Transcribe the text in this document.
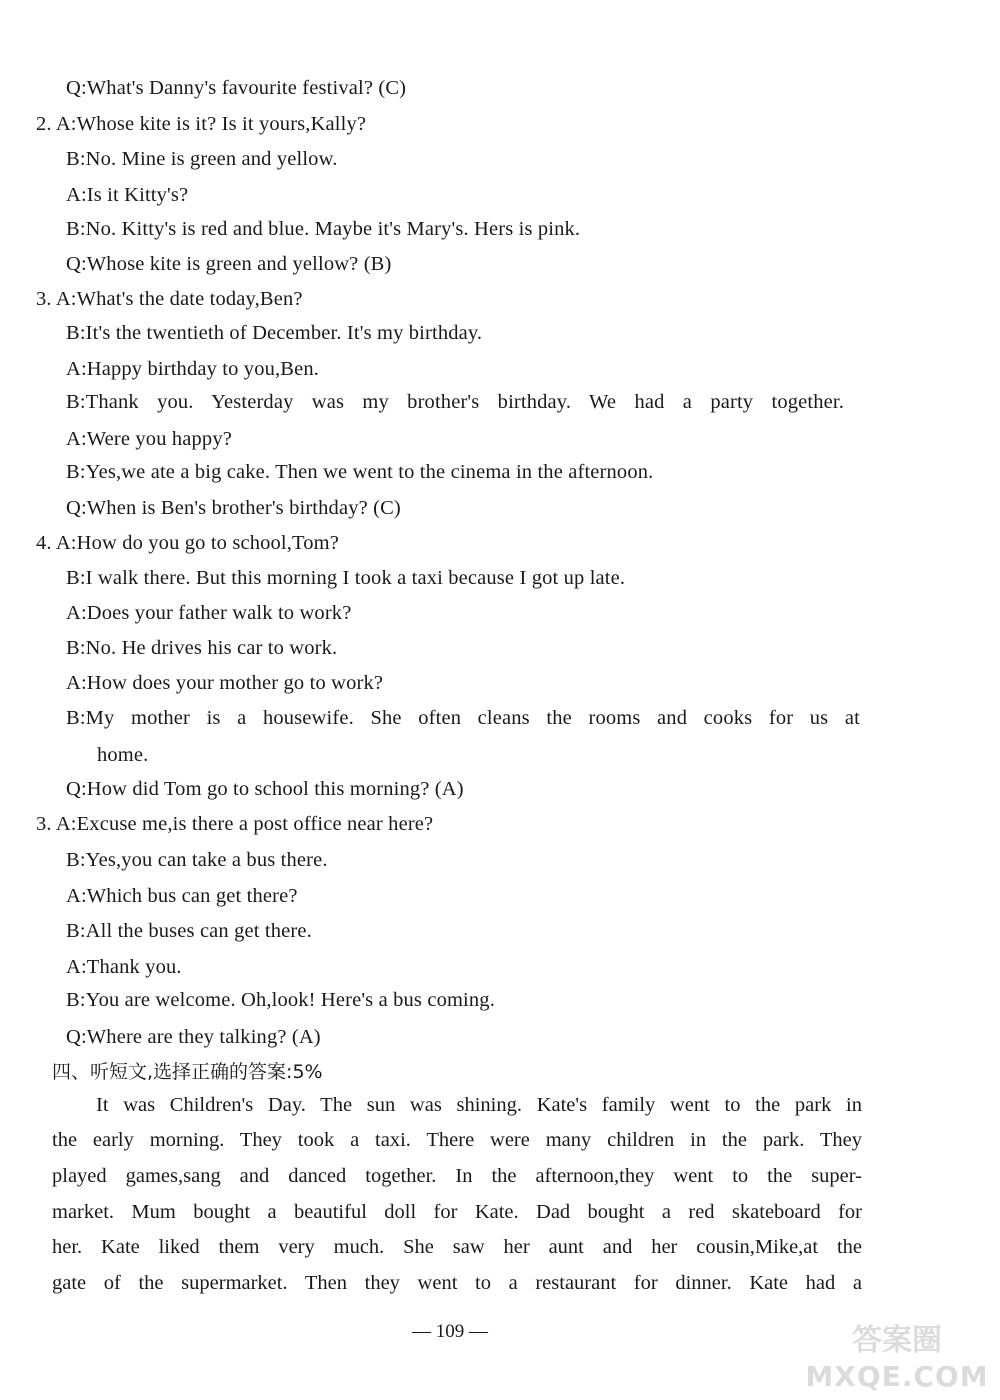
Q:What's Danny's favourite festival? (C)
2. A:Whose kite is it? Is it yours,Kally?
B:No. Mine is green and yellow.
A:Is it Kitty's?
B:No. Kitty's is red and blue. Maybe it's Mary's. Hers is pink.
Q:Whose kite is green and yellow? (B)
3. A:What's the date today,Ben?
B:It's the twentieth of December. It's my birthday.
A:Happy birthday to you,Ben.
B:Thank you. Yesterday was my brother's birthday. We had a party together.
A:Were you happy?
B:Yes,we ate a big cake. Then we went to the cinema in the afternoon.
Q:When is Ben's brother's birthday? (C)
4. A:How do you go to school,Tom?
B:I walk there. But this morning I took a taxi because I got up late.
A:Does your father walk to work?
B:No. He drives his car to work.
A:How does your mother go to work?
B:My mother is a housewife. She often cleans the rooms and cooks for us at
home.
Q:How did Tom go to school this morning? (A)
3. A:Excuse me,is there a post office near here?
B:Yes,you can take a bus there.
A:Which bus can get there?
B:All the buses can get there.
A:Thank you.
B:You are welcome. Oh,look! Here's a bus coming.
Q:Where are they talking? (A)
四、听短文,选择正确的答案:5%
It was Children's Day. The sun was shining. Kate's family went to the park in
the early morning. They took a taxi. There were many children in the park. They
played games,sang and danced together. In the afternoon,they went to the super-
market. Mum bought a beautiful doll for Kate. Dad bought a red skateboard for
her. Kate liked them very much. She saw her aunt and her cousin,Mike,at the
gate of the supermarket. Then they went to a restaurant for dinner. Kate had a
— 109 —	答案圈
MXQE.COM
